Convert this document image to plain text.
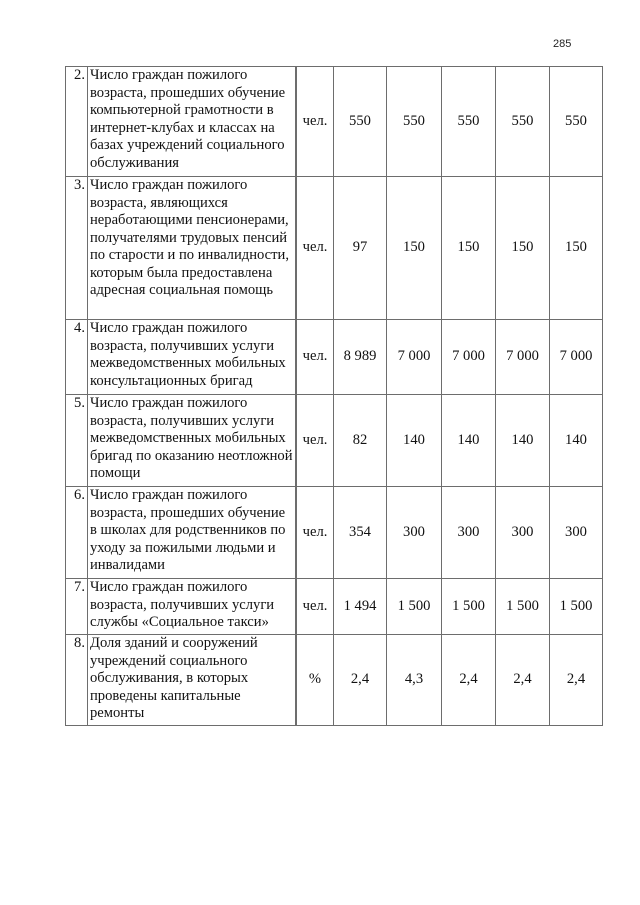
285
2.	Число граждан пожилого возраста, прошедших обучение компьютерной грамотности в интернет-клубах и классах на базах учреждений социального обслуживания	чел.	550	550	550	550	550
3.	Число граждан пожилого возраста, являющихся неработающими пенсионерами, получателями трудовых пенсий по старости и по инвалидности, которым была предоставлена адресная социальная помощь	чел.	97	150	150	150	150
4.	Число граждан пожилого возраста, получивших услуги межведомственных мобильных консультационных бригад	чел.	8 989	7 000	7 000	7 000	7 000
5.	Число граждан пожилого возраста, получивших услуги межведомственных мобильных бригад по оказанию неотложной помощи	чел.	82	140	140	140	140
6.	Число граждан пожилого возраста, прошедших обучение в школах для родственников по уходу за пожилыми людьми и инвалидами	чел.	354	300	300	300	300
7.	Число граждан пожилого возраста, получивших услуги службы «Социальное такси»	чел.	1 494	1 500	1 500	1 500	1 500
8.	Доля зданий и сооружений учреждений социального обслуживания, в которых проведены капитальные ремонты	%	2,4	4,3	2,4	2,4	2,4
